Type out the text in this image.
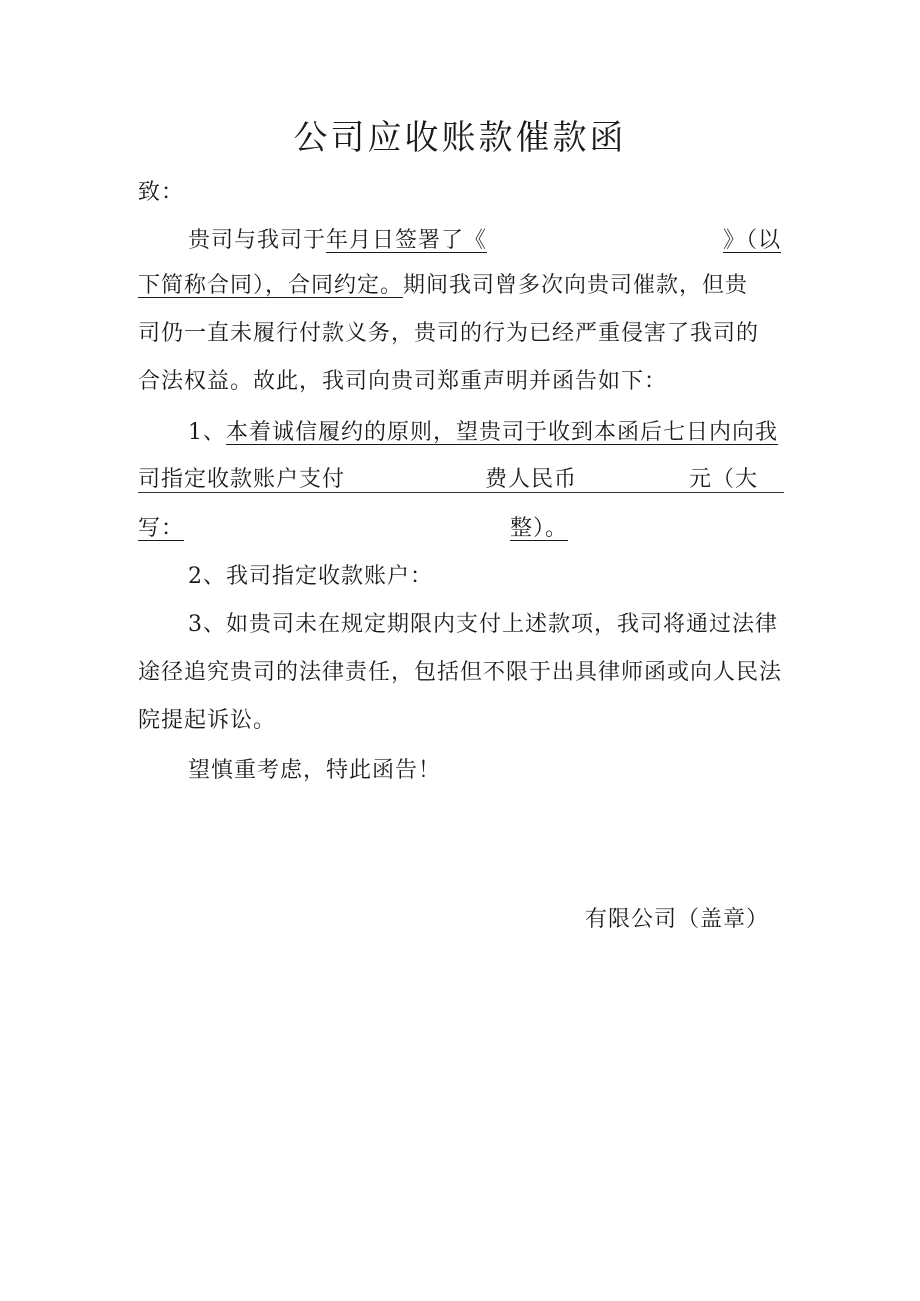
公司应收账款催款函
致：
贵司与我司于年月日签署了《	》（以
下简称合同），合同约定。期间我司曾多次向贵司催款，但贵
司仍一直未履行付款义务，贵司的行为已经严重侵害了我司的
合法权益。故此，我司向贵司郑重声明并函告如下：
1、本着诚信履约的原则，望贵司于收到本函后七日内向我
司指定收款账户支付	费人民币	元（大
写：	整）。
2、我司指定收款账户：
3、如贵司未在规定期限内支付上述款项，我司将通过法律
途径追究贵司的法律责任，包括但不限于出具律师函或向人民法
院提起诉讼。
望慎重考虑，特此函告！
有限公司（盖章）
